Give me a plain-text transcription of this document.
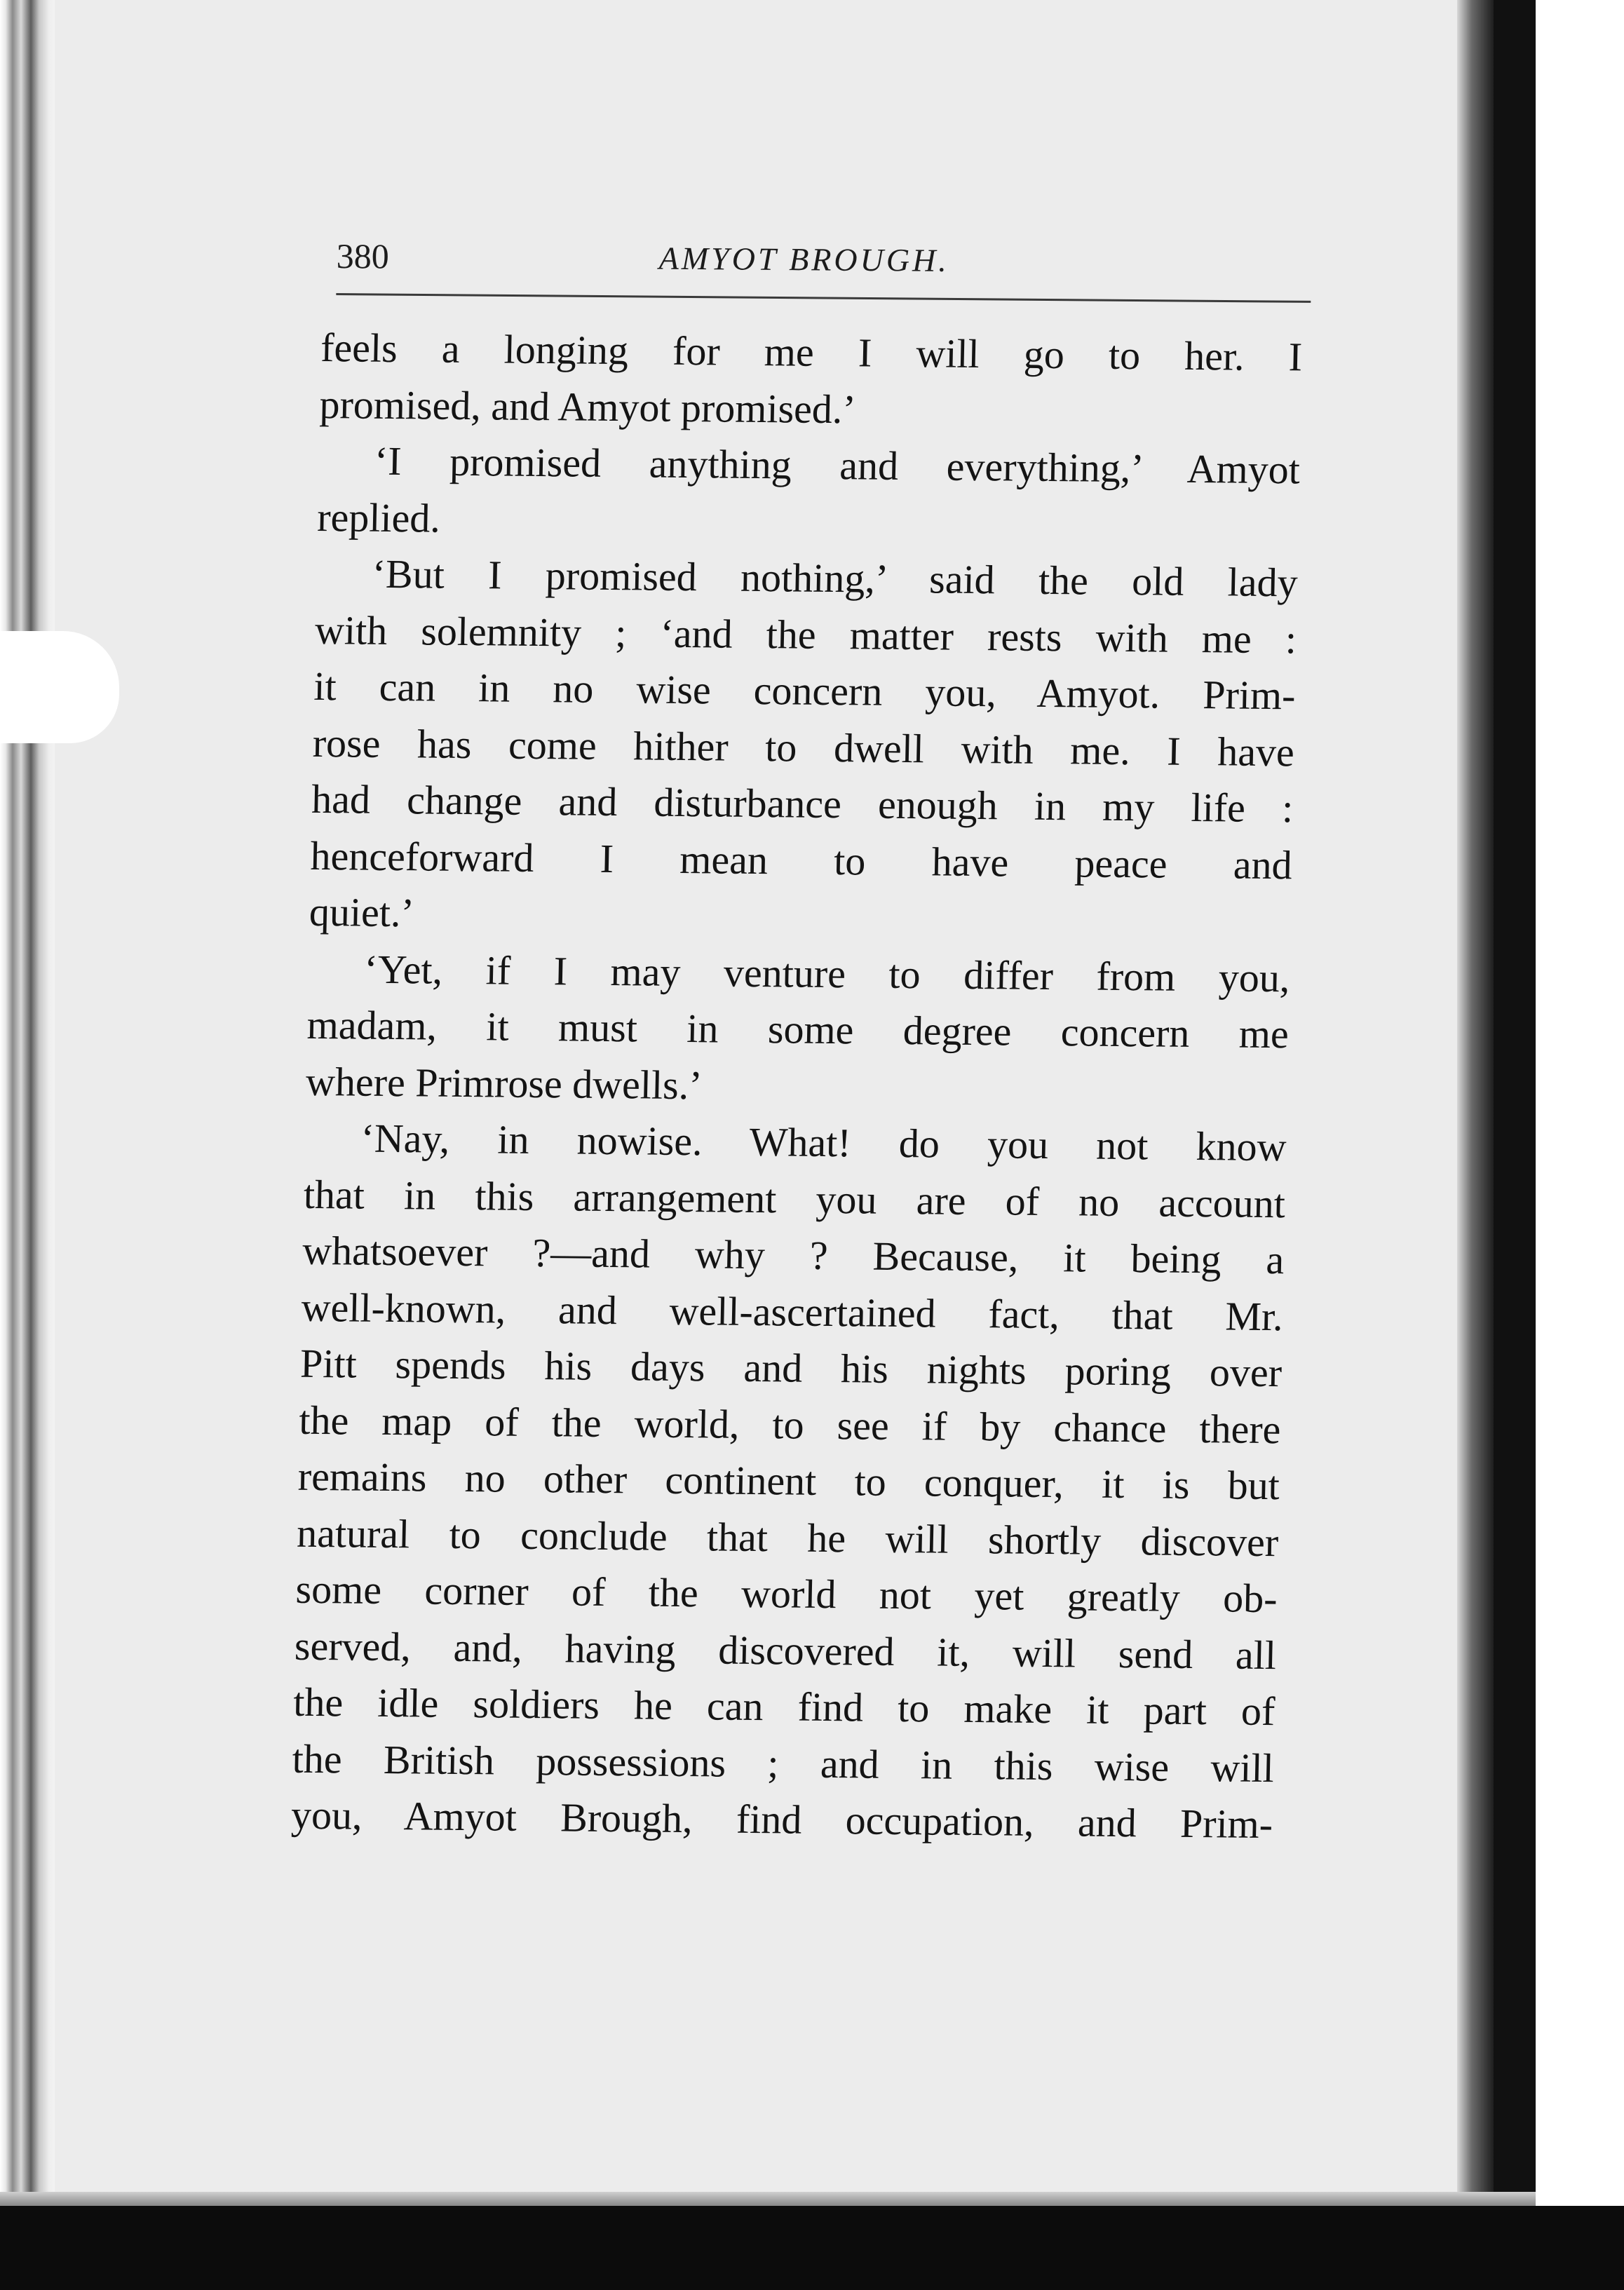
380	AMYOT BROUGH.
feels a longing for me I will go to her. I
promised, and Amyot promised.’
‘I promised anything and everything,’ Amyot
replied.
‘But I promised nothing,’ said the old lady
with solemnity ; ‘and the matter rests with me :
it can in no wise concern you, Amyot. Prim-
rose has come hither to dwell with me. I have
had change and disturbance enough in my life :
henceforward I mean to have peace and
quiet.’
‘Yet, if I may venture to differ from you,
madam, it must in some degree concern me
where Primrose dwells.’
‘Nay, in nowise. What! do you not know
that in this arrangement you are of no account
whatsoever ?—and why ? Because, it being a
well-known, and well-ascertained fact, that Mr.
Pitt spends his days and his nights poring over
the map of the world, to see if by chance there
remains no other continent to conquer, it is but
natural to conclude that he will shortly discover
some corner of the world not yet greatly ob-
served, and, having discovered it, will send all
the idle soldiers he can find to make it part of
the British possessions ; and in this wise will
you, Amyot Brough, find occupation, and Prim-
